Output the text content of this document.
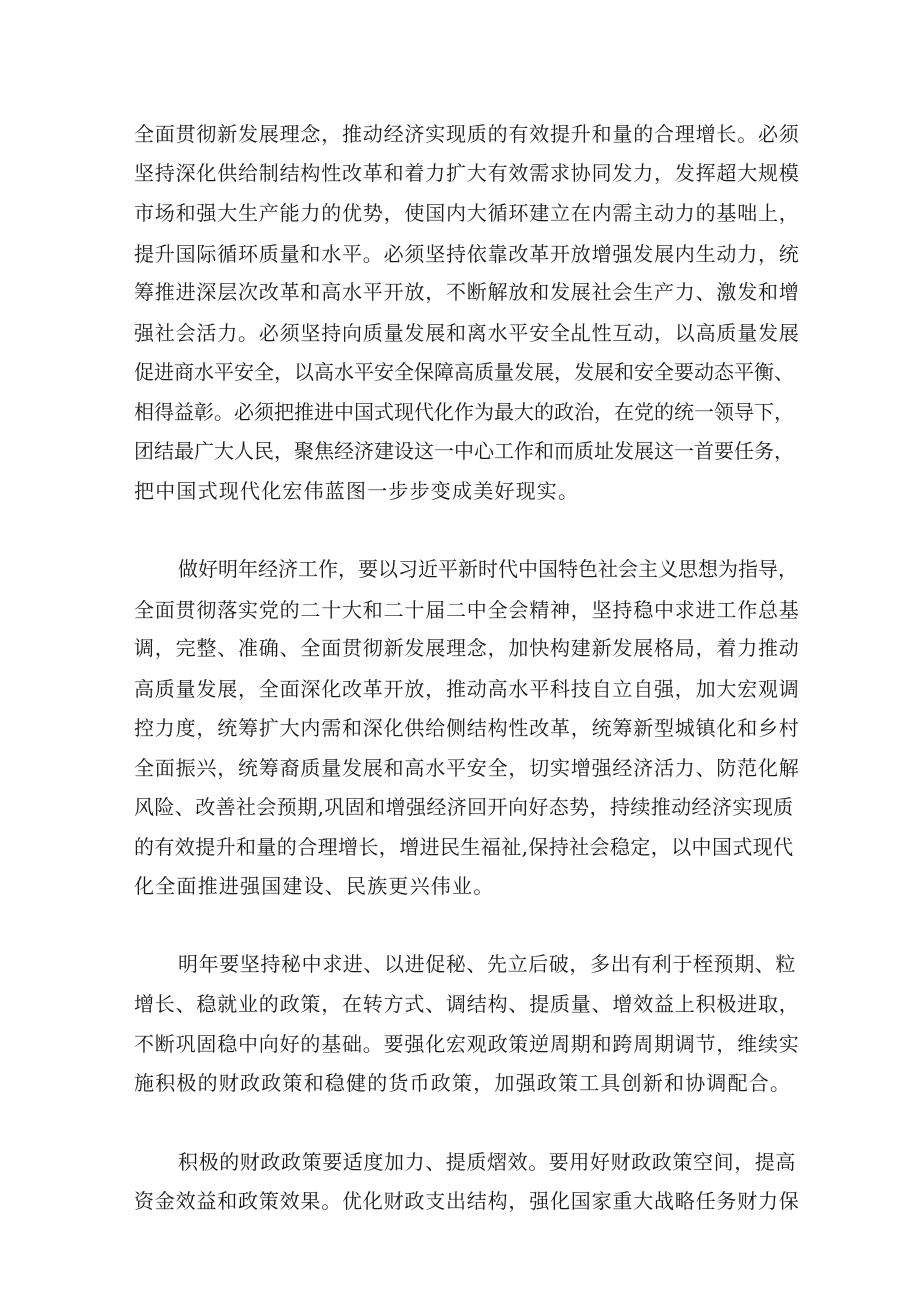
全面贯彻新发展理念，推动经济实现质的有效提升和量的合理增长。必须
坚持深化供给制结构性改革和着力扩大有效需求协同发力，发挥超大规模
市场和强大生产能力的优势，使国内大循环建立在内需主动力的基咄上，
提升国际循环质量和水平。必须坚持依靠改革开放增强发展内生动力，统
筹推进深层次改革和高水平开放，不断解放和发展社会生产力、激发和增
强社会活力。必须坚持向质量发展和离水平安全乩性互动，以高质量发展
促进商水平安全，以高水平安全保障高质量发展，发展和安全要动态平衡、
相得益彰。必须把推进中国式现代化作为最大的政治，在党的统一领导下，
团结最广大人民，聚焦经济建设这一中心工作和而质址发展这一首要任务，
把中国式现代化宏伟蓝图一步步变成美好现实。
做好明年经济工作，要以习近平新时代中国特色社会主义思想为指导，
全面贯彻落实党的二十大和二十届二中全会精神，坚持稳中求进工作总基
调，完整、准确、全面贯彻新发展理念，加快构建新发展格局，着力推动
高质量发展，全面深化改革开放，推动高水平科技自立自强，加大宏观调
控力度，统筹扩大内需和深化供给侧结构性改革，统筹新型城镇化和乡村
全面振兴，统筹裔质量发展和高水平安全，切实增强经济活力、防范化解
风险、改善社会预期,巩固和增强经济回开向好态势，持续推动经济实现质
的有效提升和量的合理增长，增进民生福祉,保持社会稳定，以中国式现代
化全面推进强国建设、民族更兴伟业。
明年要坚持秘中求进、以进促秘、先立后破，多出有利于桎预期、粒
增长、稳就业的政策，在转方式、调结构、提质量、增效益上积极进取，
不断巩固稳中向好的基础。要强化宏观政策逆周期和跨周期调节，维续实
施积极的财政政策和稳健的货币政策，加强政策工具创新和协调配合。
积极的财政政策要适度加力、提质熠效。要用好财政政策空间，提高
资金效益和政策效果。优化财政支出结构，强化国家重大战略任务财力保
